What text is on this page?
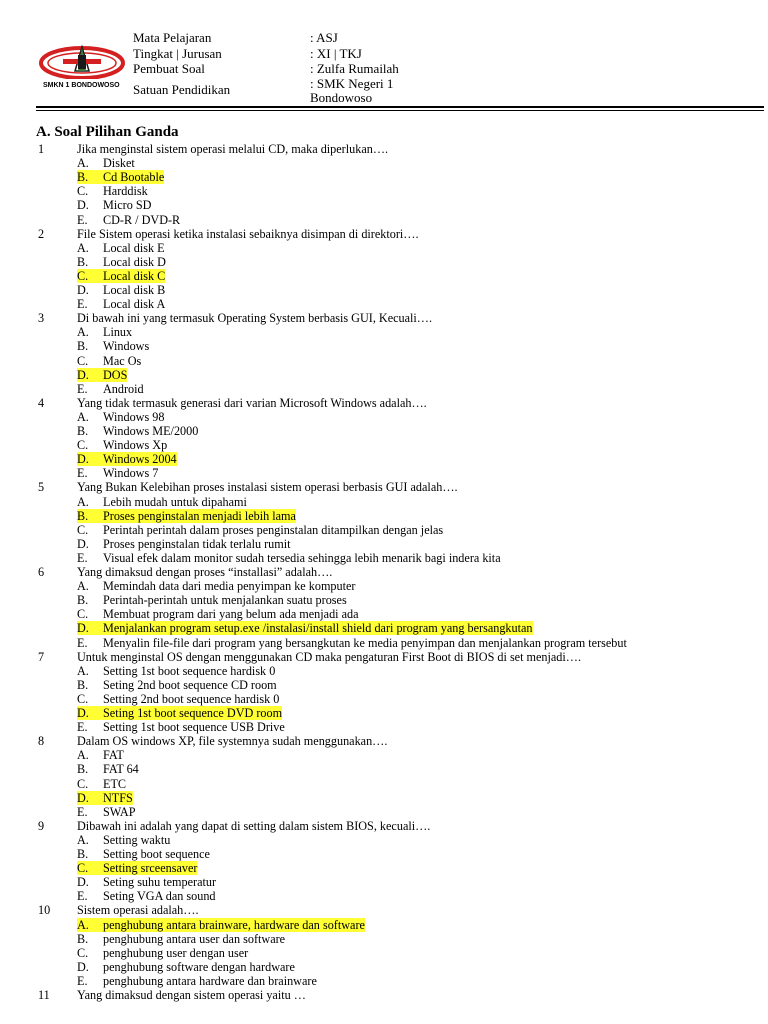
SMKN 1 BONDOWOSO
Mata Pelajaran	: ASJ
Tingkat | Jurusan	: XI | TKJ
Pembuat Soal	: Zulfa Rumailah
Satuan Pendidikan	: SMK Negeri 1
Bondowoso
A. Soal Pilihan Ganda
1	Jika menginstal sistem operasi melalui CD, maka diperlukan….
A. Disket
B. Cd Bootable
C. Harddisk
D. Micro SD
E. CD-R / DVD-R
2	File Sistem operasi ketika instalasi sebaiknya disimpan di direktori….
A. Local disk E
B. Local disk D
C. Local disk C
D. Local disk B
E. Local disk A
3	Di bawah ini yang termasuk Operating System berbasis GUI, Kecuali….
A. Linux
B. Windows
C. Mac Os
D. DOS
E. Android
4	Yang tidak termasuk generasi dari varian Microsoft Windows adalah….
A. Windows 98
B. Windows ME/2000
C. Windows Xp
D. Windows 2004
E. Windows 7
5	Yang Bukan Kelebihan proses instalasi sistem operasi berbasis GUI adalah….
A. Lebih mudah untuk dipahami
B. Proses penginstalan menjadi lebih lama
C. Perintah perintah dalam proses penginstalan ditampilkan dengan jelas
D. Proses penginstalan tidak terlalu rumit
E. Visual efek dalam monitor sudah tersedia sehingga lebih menarik bagi indera kita
6	Yang dimaksud dengan proses “installasi” adalah….
A. Memindah data dari media penyimpan ke komputer
B. Perintah-perintah untuk menjalankan suatu proses
C. Membuat program dari yang belum ada menjadi ada
D. Menjalankan program setup.exe /instalasi/install shield dari program yang bersangkutan
E. Menyalin file-file dari program yang bersangkutan ke media penyimpan dan menjalankan program tersebut
7	Untuk menginstal OS dengan menggunakan CD maka pengaturan First Boot di BIOS di set menjadi….
A. Setting 1st boot sequence hardisk 0
B. Seting 2nd boot sequence CD room
C. Setting 2nd boot sequence hardisk 0
D. Seting 1st boot sequence DVD room
E. Setting 1st boot sequence USB Drive
8	Dalam OS windows XP, file systemnya sudah menggunakan….
A. FAT
B. FAT 64
C. ETC
D. NTFS
E. SWAP
9	Dibawah ini adalah yang dapat di setting dalam sistem BIOS, kecuali….
A. Setting waktu
B. Setting boot sequence
C. Setting srceensaver
D. Seting suhu temperatur
E. Seting VGA dan sound
10 Sistem operasi adalah….
A. penghubung antara brainware, hardware dan software
B. penghubung antara user dan software
C. penghubung user dengan user
D. penghubung software dengan hardware
E. penghubung antara hardware dan brainware
11 Yang dimaksud dengan sistem operasi yaitu …
